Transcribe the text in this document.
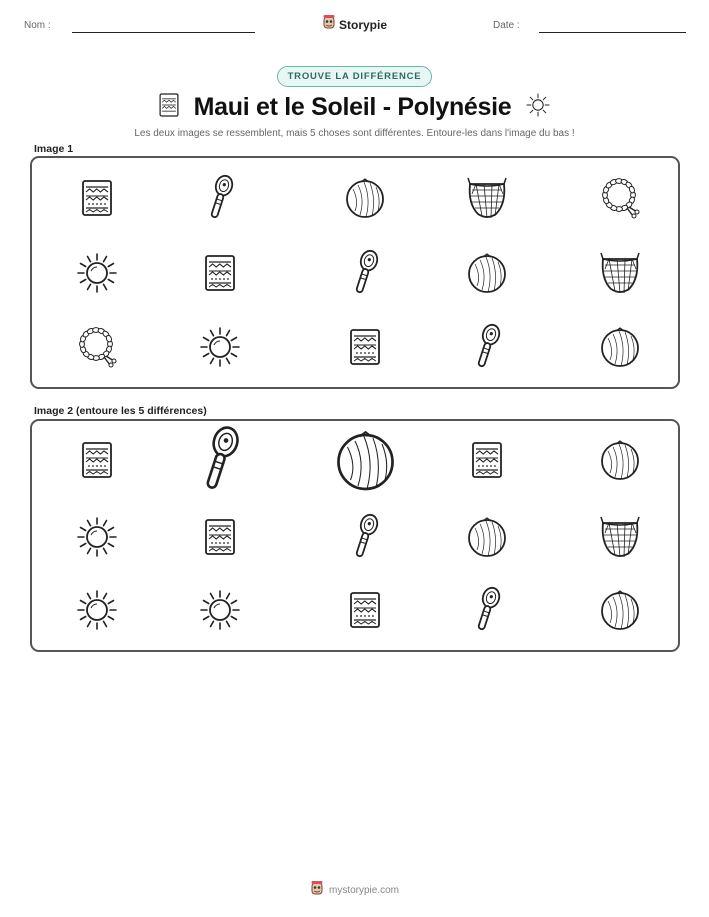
Nom :	Storypie	Date :
TROUVE LA DIFFÉRENCE
Maui et le Soleil - Polynésie
Les deux images se ressemblent, mais 5 choses sont différentes. Entoure-les dans l'image du bas !
Image 1
Image 2 (entoure les 5 différences)
mystorypie.com
